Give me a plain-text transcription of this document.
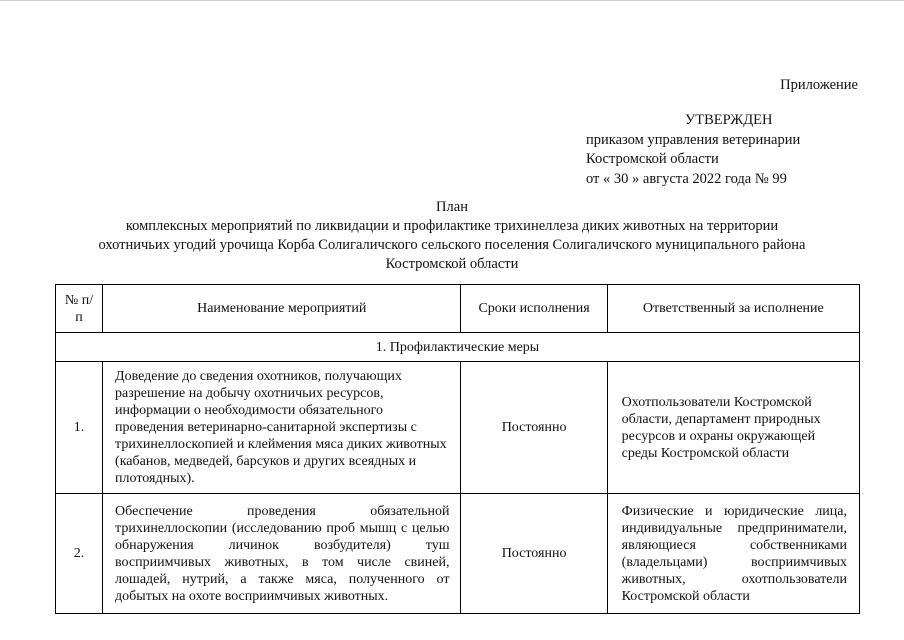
Приложение
УТВЕРЖДЕН
приказом управления ветеринарии
Костромской области
от « 30 » августа 2022 года № 99
План
комплексных мероприятий по ликвидации и профилактике трихинеллеза диких животных на территории
охотничьих угодий урочища Корба Солигаличского сельского поселения Солигаличского муниципального района
Костромской области
№ п/п	Наименование мероприятий	Сроки исполнения	Ответственный за исполнение
1. Профилактические меры			
1.	Доведение до сведения охотников, получающих разрешение на добычу охотничьих ресурсов, информации о необходимости обязательного проведения ветеринарно-санитарной экспертизы с трихинеллоскопией и клеймения мяса диких животных (кабанов, медведей, барсуков и других всеядных и плотоядных).	Постоянно	Охотпользователи Костромской области, департамент природных ресурсов и охраны окружающей среды Костромской области
2.	Обеспечение проведения обязательной трихинеллоскопии (исследованию проб мышц с целью обнаружения личинок возбудителя) туш восприимчивых животных, в том числе свиней, лошадей, нутрий, а также мяса, полученного от добытых на охоте восприимчивых животных.	Постоянно	Физические и юридические лица, индивидуальные предприниматели, являющиеся собственниками (владельцами) восприимчивых животных, охотпользователи Костромской области
